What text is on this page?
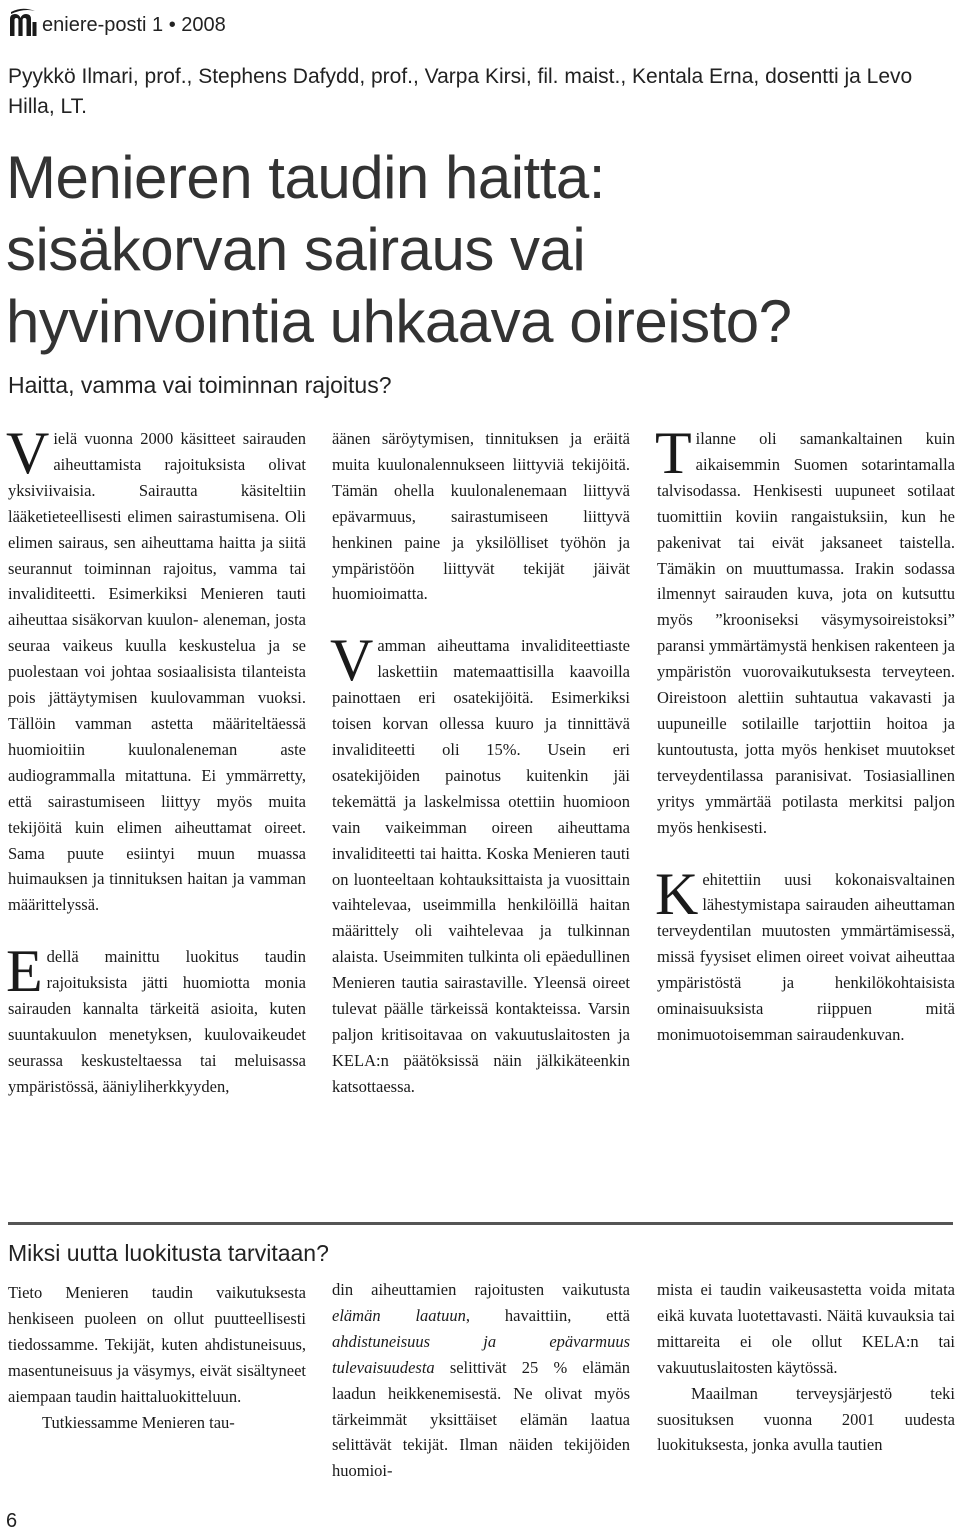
eniere-posti 1 • 2008
Pyykkö Ilmari, prof., Stephens Dafydd, prof., Varpa Kirsi, fil. maist., Kentala Erna, dosentti ja Levo Hilla, LT.
Menieren taudin haitta:
sisäkorvan sairaus vai
hyvinvointia uhkaava oireisto?
Haitta, vamma vai toiminnan rajoitus?

Vielä vuonna 2000 käsitteet sairauden aiheuttamista rajoituksista olivat yksiviivaisia. Sairautta käsiteltiin lääketieteellisesti elimen sairastumisena. Oli elimen sairaus, sen aiheuttama haitta ja siitä seurannut toiminnan rajoitus, vamma tai invaliditeetti. Esimerkiksi Menieren tauti aiheuttaa sisäkorvan kuulon- aleneman, josta seuraa vaikeus kuulla keskustelua ja se puolestaan voi johtaa sosiaalisista tilanteista pois jättäytymisen kuulovamman vuoksi. Tällöin vamman astetta määriteltäessä huomioitiin kuulonaleneman aste audiogrammalla mitattuna. Ei ymmärretty, että sairastumiseen liittyy myös muita tekijöitä kuin elimen aiheuttamat oireet. Sama puute esiintyi muun muassa huimauksen ja tinnituksen haitan ja vamman määrittelyssä.

Edellä mainittu luokitus taudin rajoituksista jätti huomiotta monia sairauden kannalta tärkeitä asioita, kuten suuntakuulon menetyksen, kuulovaikeudet seurassa keskusteltaessa tai meluisassa ympäristössä, ääniyliherkkyyden,

äänen säröytymisen, tinnituksen ja eräitä muita kuulonalennukseen liittyviä tekijöitä. Tämän ohella kuulonalenemaan liittyvä epävarmuus, sairastumiseen liittyvä henkinen paine ja yksilölliset työhön ja ympäristöön liittyvät tekijät jäivät huomioimatta.

Vamman aiheuttama invaliditeettiaste laskettiin matemaattisilla kaavoilla painottaen eri osatekijöitä. Esimerkiksi toisen korvan ollessa kuuro ja tinnittävä invaliditeetti oli 15%. Usein eri osatekijöiden painotus kuitenkin jäi tekemättä ja laskelmissa otettiin huomioon vain vaikeimman oireen aiheuttama invaliditeetti tai haitta. Koska Menieren tauti on luonteeltaan kohtauksittaista ja vuosittain vaihtelevaa, useimmilla henkilöillä haitan määrittely oli vaihtelevaa ja tulkinnan alaista. Useimmiten tulkinta oli epäedullinen Menieren tautia sairastaville. Yleensä oireet tulevat päälle tärkeissä kontakteissa. Varsin paljon kritisoitavaa on vakuutuslaitosten ja KELA:n päätöksissä näin jälkikäteenkin katsottaessa.

Tilanne oli samankaltainen kuin aikaisemmin Suomen sotarintamalla talvisodassa. Henkisesti uupuneet sotilaat tuomittiin koviin rangaistuksiin, kun he pakenivat tai eivät jaksaneet taistella. Tämäkin on muuttumassa. Irakin sodassa ilmennyt sairauden kuva, jota on kutsuttu myös ”krooniseksi väsymysoireistoksi” paransi ymmärtämystä henkisen rakenteen ja ympäristön vuorovaikutuksesta terveyteen. Oireistoon alettiin suhtautua vakavasti ja uupuneille sotilaille tarjottiin hoitoa ja kuntoutusta, jotta myös henkiset muutokset terveydentilassa paranisivat. Tosiasiallinen yritys ymmärtää potilasta merkitsi paljon myös henkisesti.

Kehitettiin uusi kokonaisvaltainen lähestymistapa sairauden aiheuttaman terveydentilan muutosten ymmärtämisessä, missä fyysiset elimen oireet voivat aiheuttaa ympäristöstä ja henkilökohtaisista ominaisuuksista riippuen mitä monimuotoisemman sairaudenkuvan.

Miksi uutta luokitusta tarvitaan?

Tieto Menieren taudin vaikutuksesta henkiseen puoleen on ollut puutteellisesti tiedossamme. Tekijät, kuten ahdistuneisuus, masentuneisuus ja väsymys, eivät sisältyneet aiempaan taudin haittaluokitteluun.

Tutkiessamme Menieren tau-

din aiheuttamien rajoitusten vaikutusta elämän laatuun, havaittiin, että ahdistuneisuus ja epävarmuus tulevaisuudesta selittivät 25 % elämän laadun heikkenemisestä. Ne olivat myös tärkeimmät yksittäiset elämän laatua selittävät tekijät. Ilman näiden tekijöiden huomioi-

mista ei taudin vaikeusastetta voida mitata eikä kuvata luotettavasti. Näitä kuvauksia tai mittareita ei ole ollut KELA:n tai vakuutuslaitosten käytössä.

Maailman terveysjärjestö teki suosituksen vuonna 2001 uudesta luokituksesta, jonka avulla tautien

6
